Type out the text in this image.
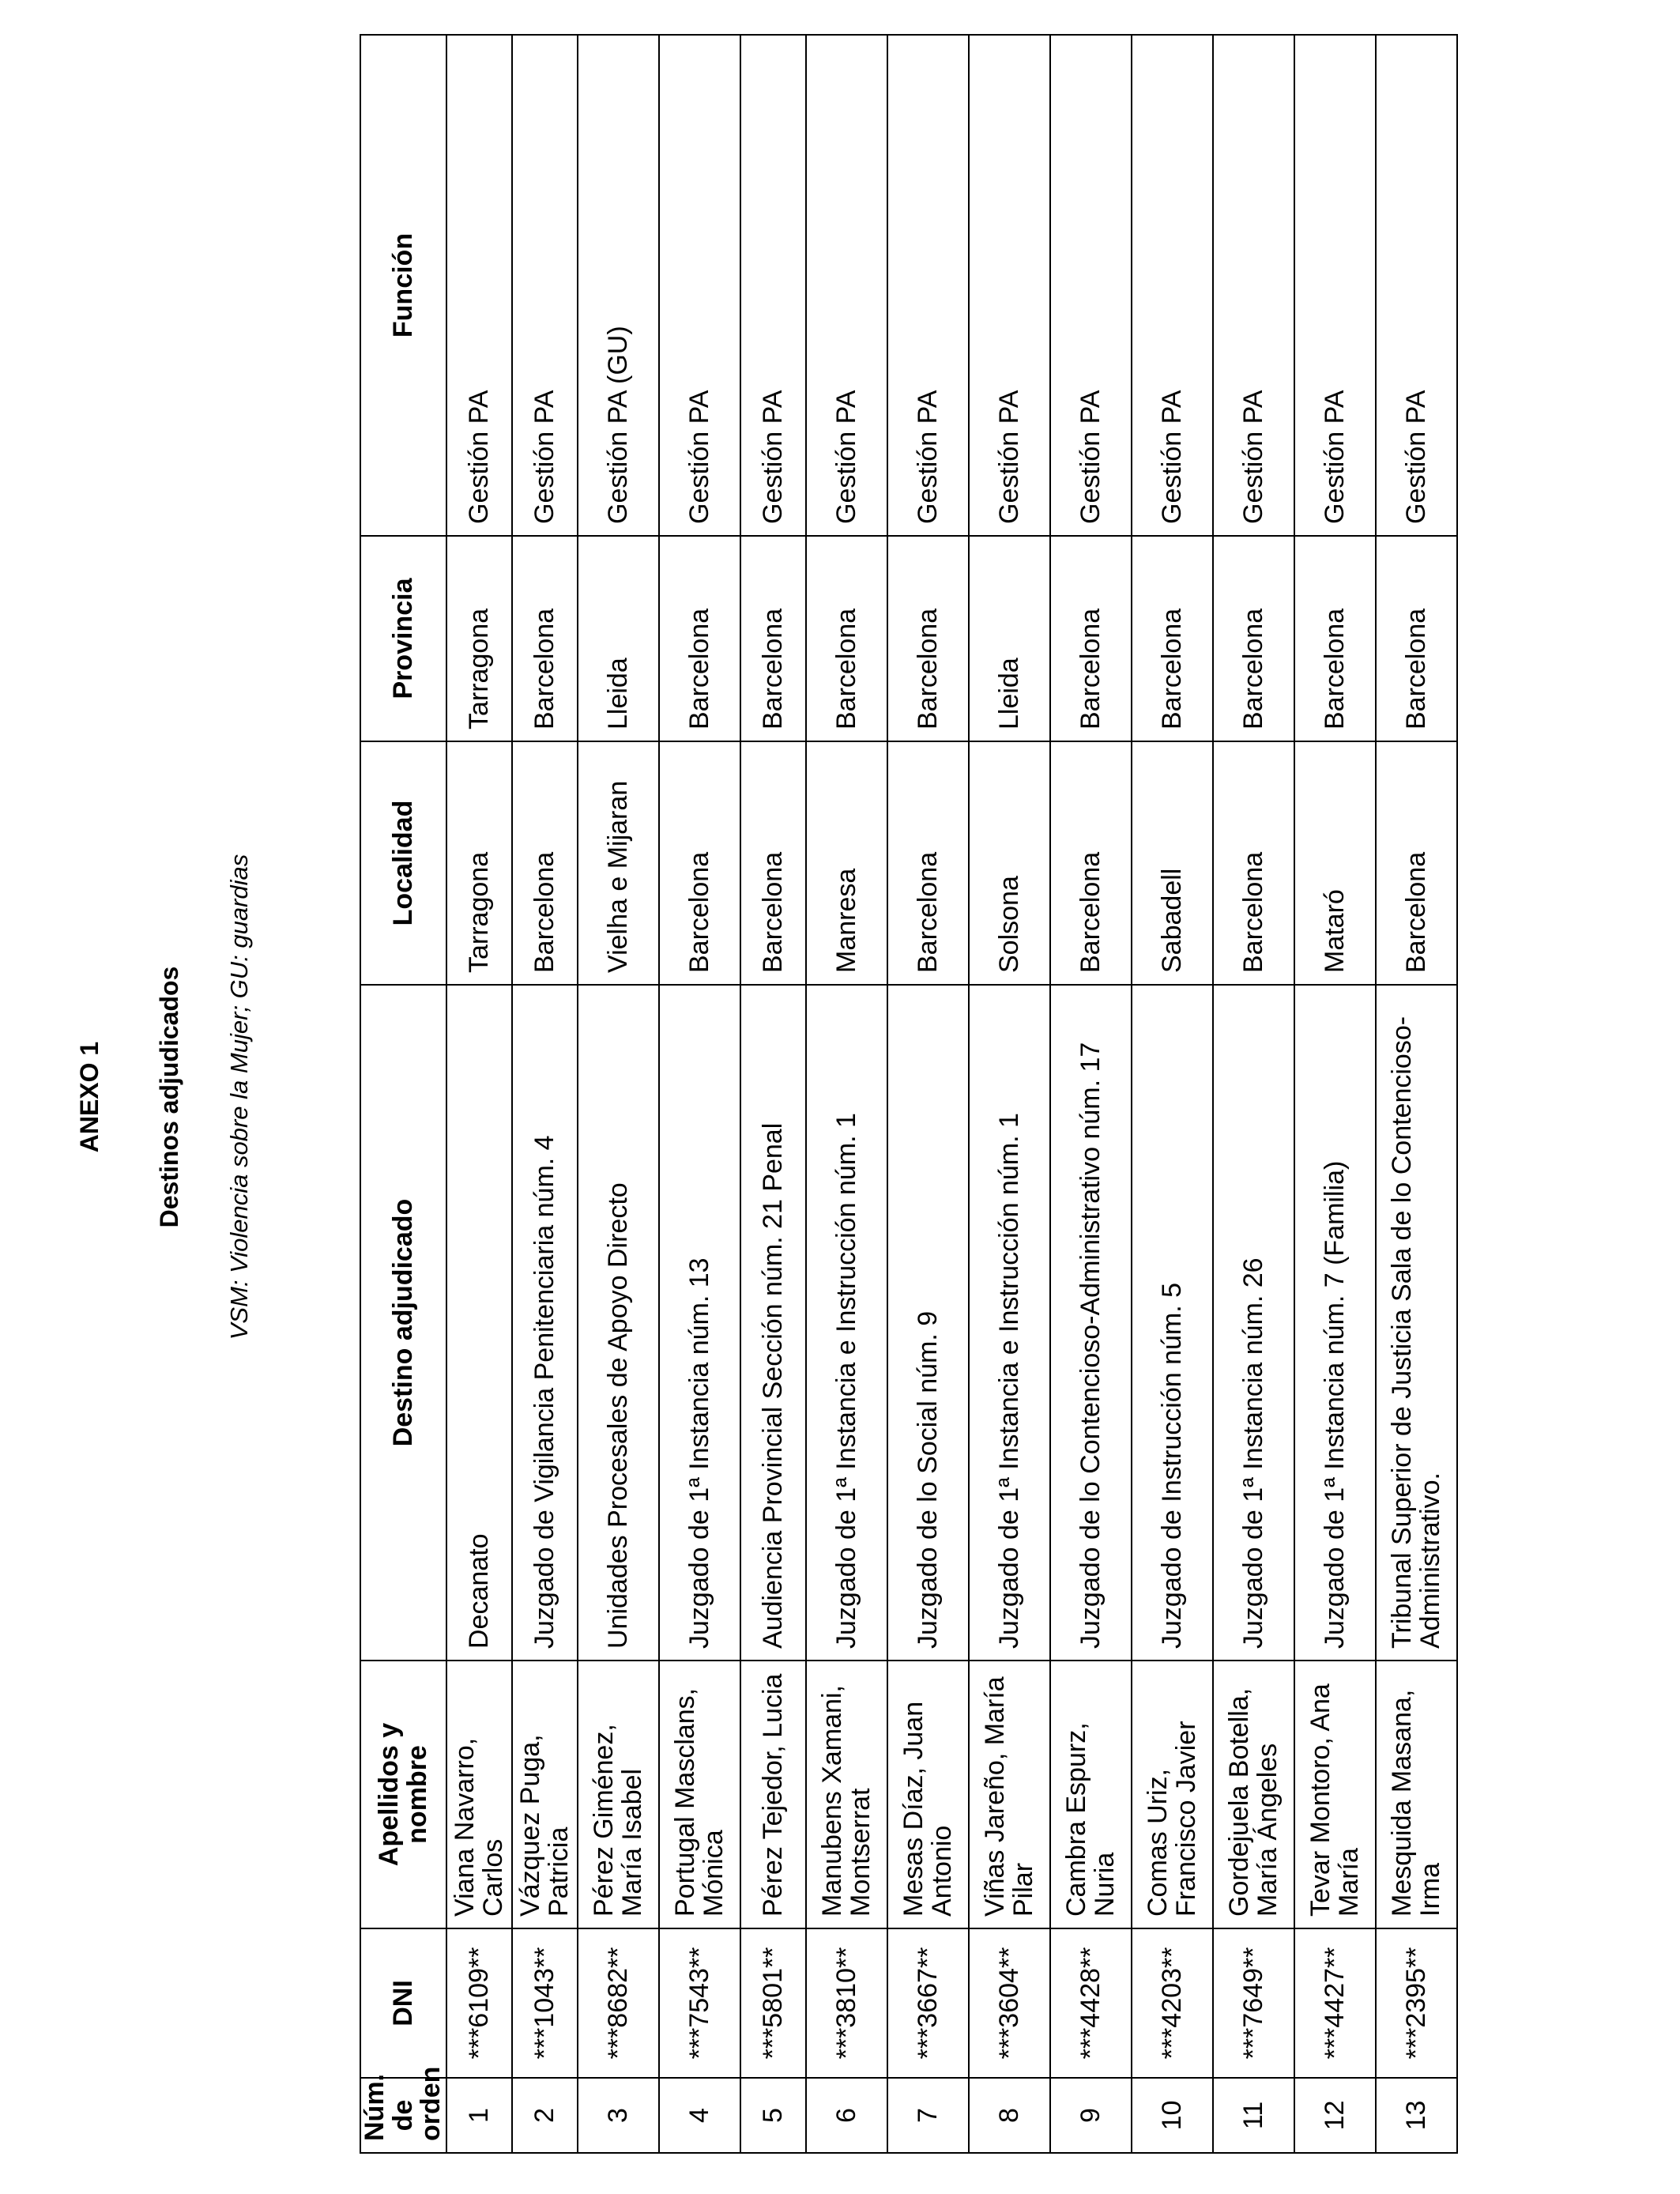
ANEXO 1 Destinos adjudicados VSM: Violencia sobre la Mujer; GU: guardias
Núm. de orden	DNI	Apellidos y nombre	Destino adjudicado	Localidad	Provincia	Función
1	***6109**	Viana Navarro, Carlos	Decanato	Tarragona	Tarragona	Gestión PA
2	***1043**	Vázquez Puga, Patricia	Juzgado de Vigilancia Penitenciaria núm. 4	Barcelona	Barcelona	Gestión PA
3	***8682**	Pérez Giménez, María Isabel	Unidades Procesales de Apoyo Directo	Vielha e Mijaran	Lleida	Gestión PA (GU)
4	***7543**	Portugal Masclans, Mónica	Juzgado de 1ª Instancia núm. 13	Barcelona	Barcelona	Gestión PA
5	***5801**	Pérez Tejedor, Lucia	Audiencia Provincial Sección núm. 21 Penal	Barcelona	Barcelona	Gestión PA
6	***3810**	Manubens Xamani, Montserrat	Juzgado de 1ª Instancia e Instrucción núm. 1	Manresa	Barcelona	Gestión PA
7	***3667**	Mesas Díaz, Juan Antonio	Juzgado de lo Social núm. 9	Barcelona	Barcelona	Gestión PA
8	***3604**	Viñas Jareño, María Pilar	Juzgado de 1ª Instancia e Instrucción núm. 1	Solsona	Lleida	Gestión PA
9	***4428**	Cambra Espurz, Nuria	Juzgado de lo Contencioso-Administrativo núm. 17	Barcelona	Barcelona	Gestión PA
10	***4203**	Comas Uriz, Francisco Javier	Juzgado de Instrucción núm. 5	Sabadell	Barcelona	Gestión PA
11	***7649**	Gordejuela Botella, María Ángeles	Juzgado de 1ª Instancia núm. 26	Barcelona	Barcelona	Gestión PA
12	***4427**	Tevar Montoro, Ana María	Juzgado de 1ª Instancia núm. 7 (Familia)	Mataró	Barcelona	Gestión PA
13	***2395**	Mesquida Masana, Irma	Tribunal Superior de Justicia Sala de lo Contencioso-Administrativo.	Barcelona	Barcelona	Gestión PA
